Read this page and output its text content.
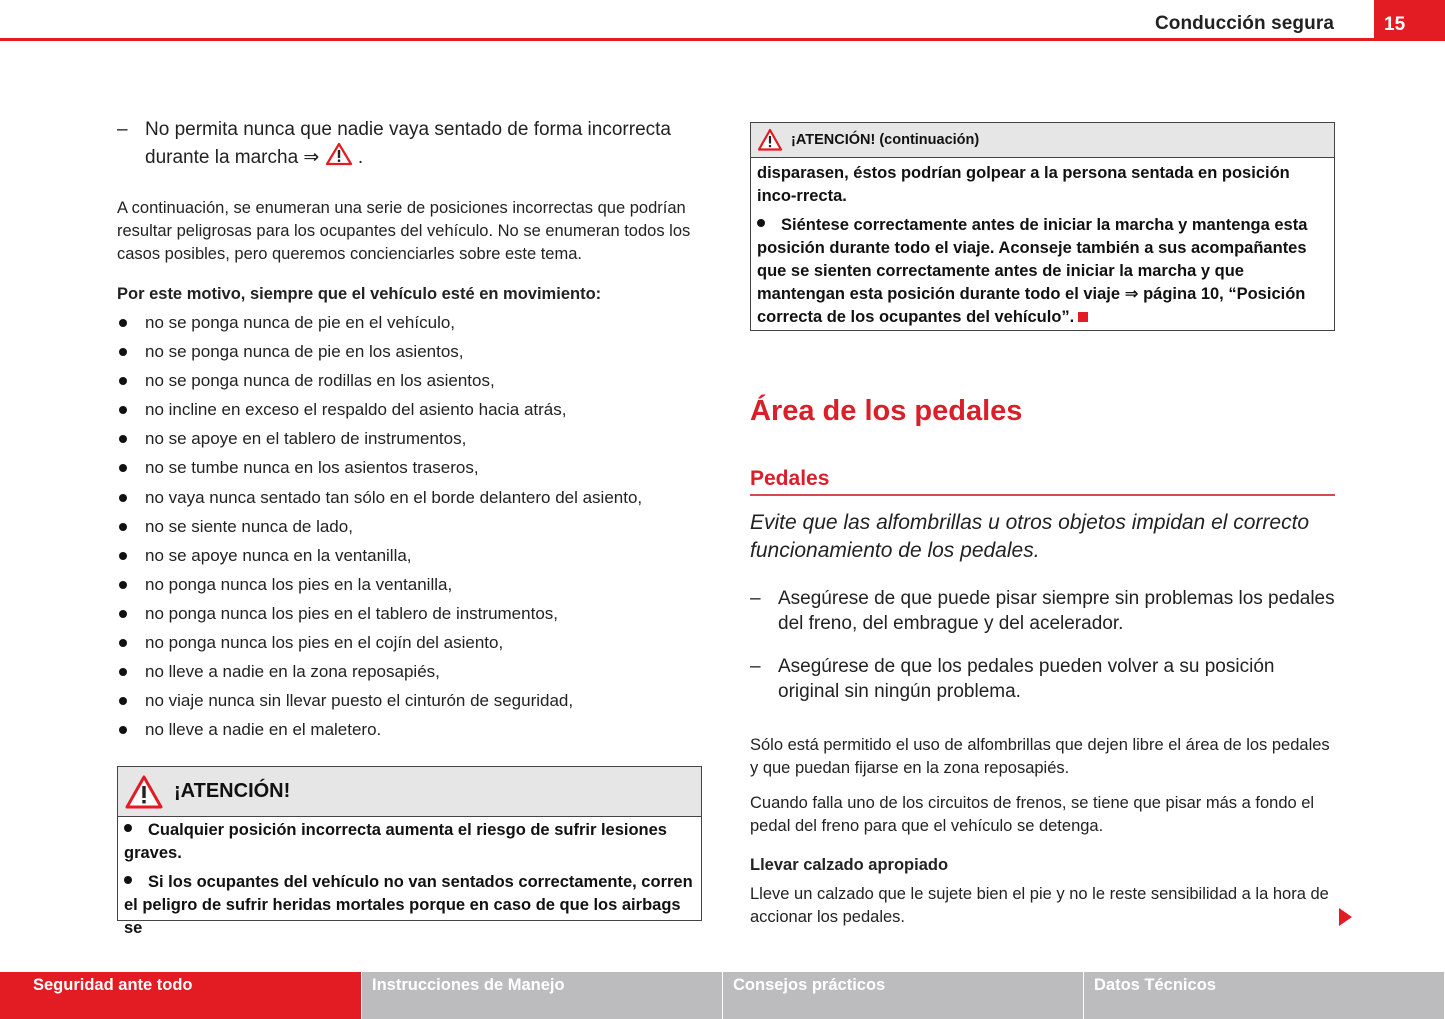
Conducción segura	15
– No permita nunca que nadie vaya sentado de forma incorrecta
durante la marcha ⇒ .
A continuación, se enumeran una serie de posiciones incorrectas que podrían resultar peligrosas para los ocupantes del vehículo. No se enumeran todos los casos posibles, pero queremos concienciarles sobre este tema.
Por este motivo, siempre que el vehículo esté en movimiento:
no se ponga nunca de pie en el vehículo,
no se ponga nunca de pie en los asientos,
no se ponga nunca de rodillas en los asientos,
no incline en exceso el respaldo del asiento hacia atrás,
no se apoye en el tablero de instrumentos,
no se tumbe nunca en los asientos traseros,
no vaya nunca sentado tan sólo en el borde delantero del asiento,
no se siente nunca de lado,
no se apoye nunca en la ventanilla,
no ponga nunca los pies en la ventanilla,
no ponga nunca los pies en el tablero de instrumentos,
no ponga nunca los pies en el cojín del asiento,
no lleve a nadie en la zona reposapiés,
no viaje nunca sin llevar puesto el cinturón de seguridad,
no lleve a nadie en el maletero.
¡ATENCIÓN!

Cualquier posición incorrecta aumenta el riesgo de sufrir lesiones graves.

Si los ocupantes del vehículo no van sentados correctamente, corren el peligro de sufrir heridas mortales porque en caso de que los airbags se

¡ATENCIÓN! (continuación)

disparasen, éstos podrían golpear a la persona sentada en posición inco-rrecta.

Siéntese correctamente antes de iniciar la marcha y mantenga esta posición durante todo el viaje. Aconseje también a sus acompañantes que se sienten correctamente antes de iniciar la marcha y que mantengan esta posición durante todo el viaje ⇒ página 10, “Posición correcta de los ocupantes del vehículo”.

Área de los pedales
Pedales
Evite que las alfombrillas u otros objetos impidan el correcto funcionamiento de los pedales.
– Asegúrese de que puede pisar siempre sin problemas los pedales del freno, del embrague y del acelerador.
– Asegúrese de que los pedales pueden volver a su posición original sin ningún problema.
Sólo está permitido el uso de alfombrillas que dejen libre el área de los pedales y que puedan fijarse en la zona reposapiés.
Cuando falla uno de los circuitos de frenos, se tiene que pisar más a fondo el pedal del freno para que el vehículo se detenga.
Llevar calzado apropiado
Lleve un calzado que le sujete bien el pie y no le reste sensibilidad a la hora de accionar los pedales.
Seguridad ante todo	Instrucciones de Manejo	Consejos prácticos	Datos Técnicos
